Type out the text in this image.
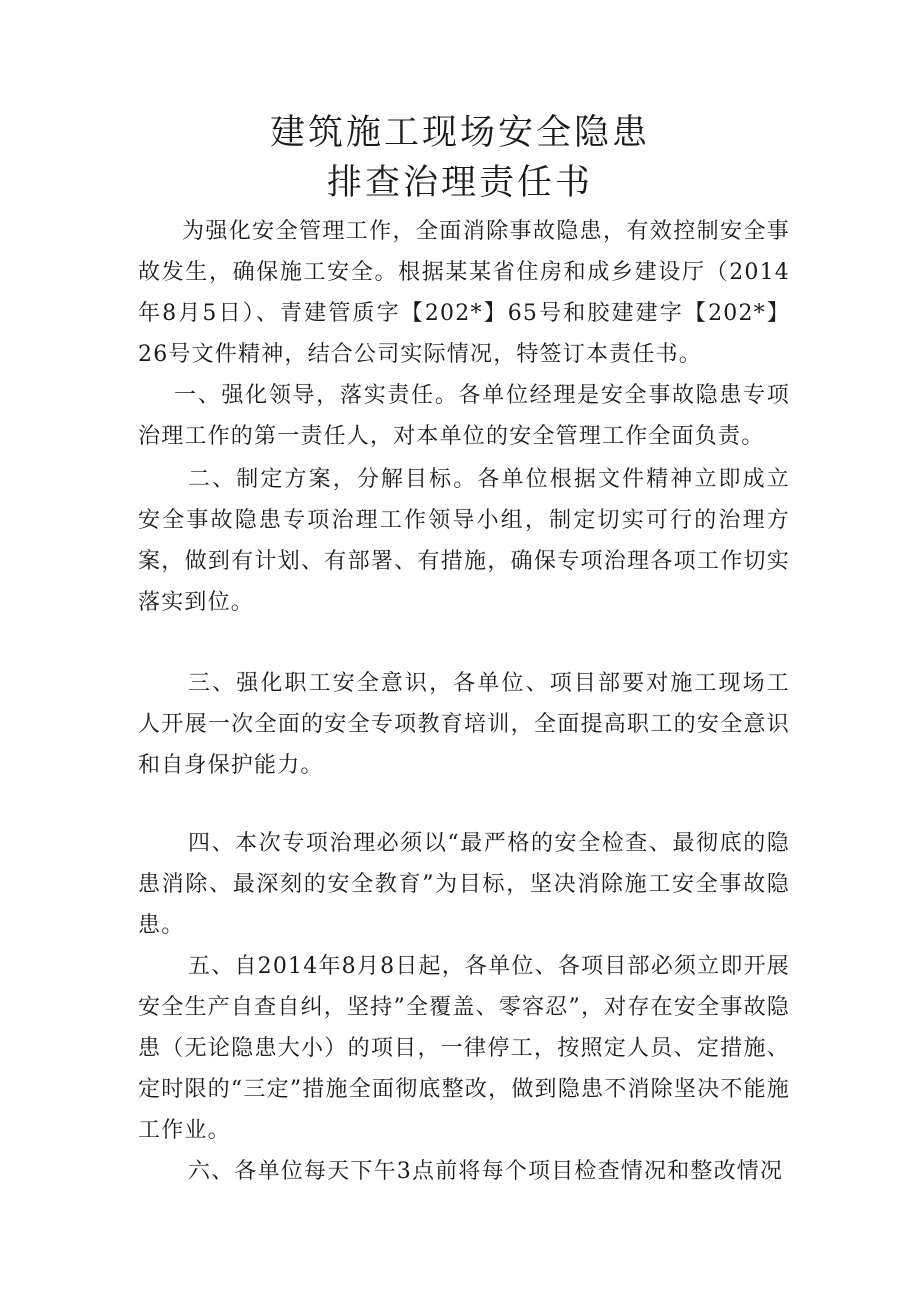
建筑施工现场安全隐患
排查治理责任书

为强化安全管理工作，全面消除事故隐患，有效控制安全事故发生，确保施工安全。根据某某省住房和成乡建设厅（2014年8月5日）、青建管质字【202*】65号和胶建建字【202*】26号文件精神，结合公司实际情况，特签订本责任书。

一、强化领导，落实责任。各单位经理是安全事故隐患专项治理工作的第一责任人，对本单位的安全管理工作全面负责。

二、制定方案，分解目标。各单位根据文件精神立即成立安全事故隐患专项治理工作领导小组，制定切实可行的治理方案，做到有计划、有部署、有措施，确保专项治理各项工作切实落实到位。

三、强化职工安全意识，各单位、项目部要对施工现场工人开展一次全面的安全专项教育培训，全面提高职工的安全意识和自身保护能力。

四、本次专项治理必须以“最严格的安全检查、最彻底的隐患消除、最深刻的安全教育”为目标，坚决消除施工安全事故隐患。

五、自2014年8月8日起，各单位、各项目部必须立即开展安全生产自查自纠，坚持”全覆盖、零容忍”，对存在安全事故隐患（无论隐患大小）的项目，一律停工，按照定人员、定措施、定时限的“三定”措施全面彻底整改，做到隐患不消除坚决不能施工作业。

六、各单位每天下午3点前将每个项目检查情况和整改情况
